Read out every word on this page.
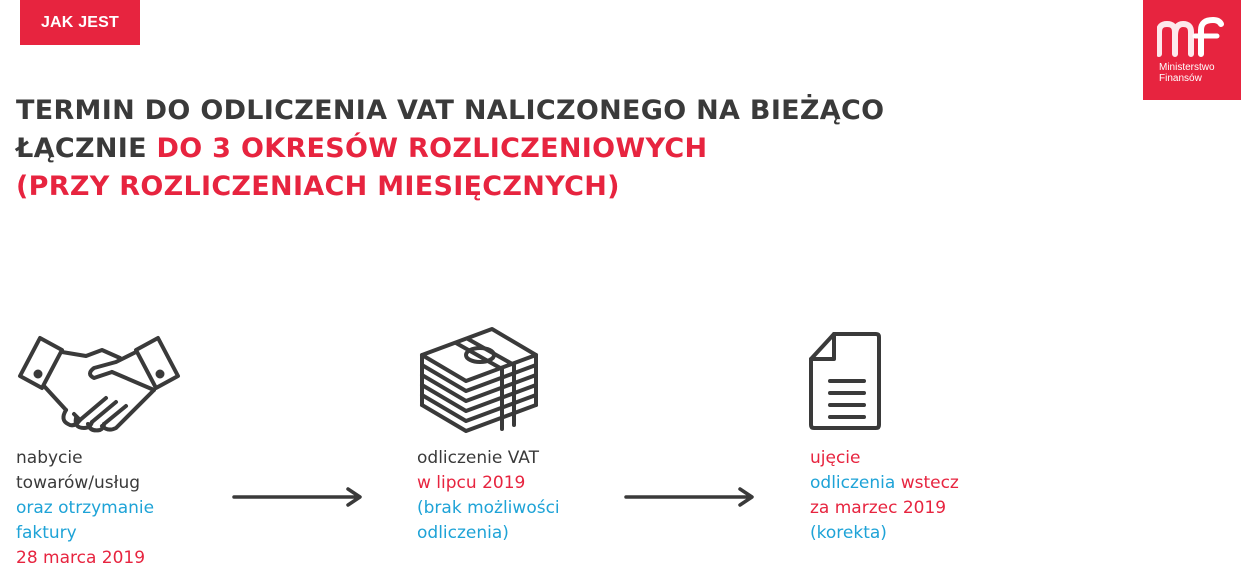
JAK JEST
Ministerstwo
Finansów
TERMIN DO ODLICZENIA VAT NALICZONEGO NA BIEŻĄCO
ŁĄCZNIE DO 3 OKRESÓW ROZLICZENIOWYCH
(PRZY ROZLICZENIACH MIESIĘCZNYCH)
nabycie
towarów/usług
oraz otrzymanie
faktury
28 marca 2019
odliczenie VAT
w lipcu 2019
(brak możliwości
odliczenia)
ujęcie
odliczenia wstecz
za marzec 2019
(korekta)
